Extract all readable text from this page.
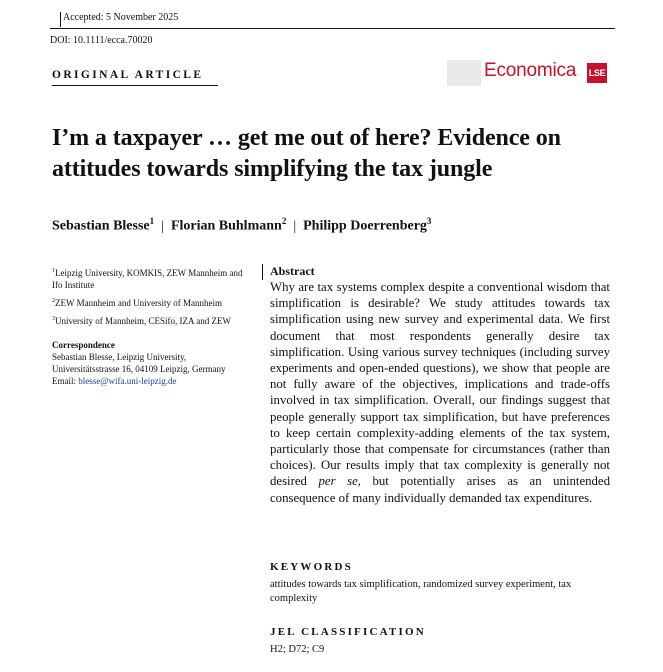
Accepted: 5 November 2025
DOI: 10.1111/ecca.70020
ORIGINAL ARTICLE	Economica LSE
I’m a taxpayer … get me out of here? Evidence on attitudes towards simplifying the tax jungle
Sebastian Blesse$^1$ | Florian Buhlmann$^2$ | Philipp Doerrenberg$^3$
$^1$Leipzig University, KOMKIS, ZEW Mannheim and Ifo Institute
$^2$ZEW Mannheim and University of Mannheim
$^3$University of Mannheim, CESifo, IZA and ZEW
Correspondence
Sebastian Blesse, Leipzig University,
Universitätsstrasse 16, 04109 Leipzig, Germany
Email: blesse@wifa.uni-leipzig.de
Abstract
Why are tax systems complex despite a conventional wisdom that simplification is desirable? We study attitudes towards tax simplification using new survey and experimental data. We first document that most respondents generally desire tax simplification. Using various survey techniques (including survey experiments and open-ended questions), we show that people are not fully aware of the objectives, implications and trade-offs involved in tax simplification. Overall, our findings suggest that people generally support tax simplification, but have preferences to keep certain complexity-adding elements of the tax system, particularly those that compensate for circumstances (rather than choices). Our results imply that tax complexity is generally not desired per se, but potentially arises as an unintended consequence of many individually demanded tax expenditures.
KEYWORDS
attitudes towards tax simplification, randomized survey experiment, tax complexity
JEL CLASSIFICATION
H2; D72; C9
